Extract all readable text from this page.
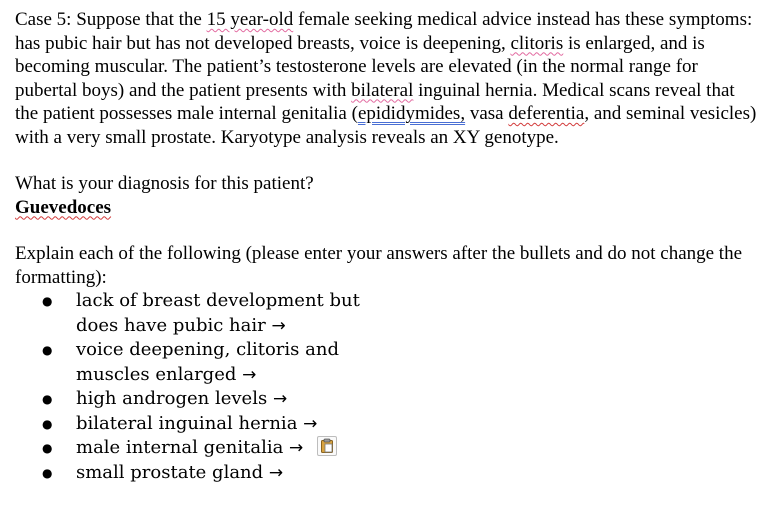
Case 5: Suppose that the 15 year-old female seeking medical advice instead has these symptoms: has pubic hair but has not developed breasts, voice is deepening, clitoris is enlarged, and is becoming muscular. The patient’s testosterone levels are elevated (in the normal range for pubertal boys) and the patient presents with bilateral inguinal hernia. Medical scans reveal that the patient possesses male internal genitalia (epididymides, vasa deferentia, and seminal vesicles) with a very small prostate. Karyotype analysis reveals an XY genotype.

What is your diagnosis for this patient?

Guevedoces

Explain each of the following (please enter your answers after the bullets and do not change the formatting):

● lack of breast development but does have pubic hair →
● voice deepening, clitoris and muscles enlarged →
● high androgen levels →
● bilateral inguinal hernia →
● male internal genitalia →
● small prostate gland →
